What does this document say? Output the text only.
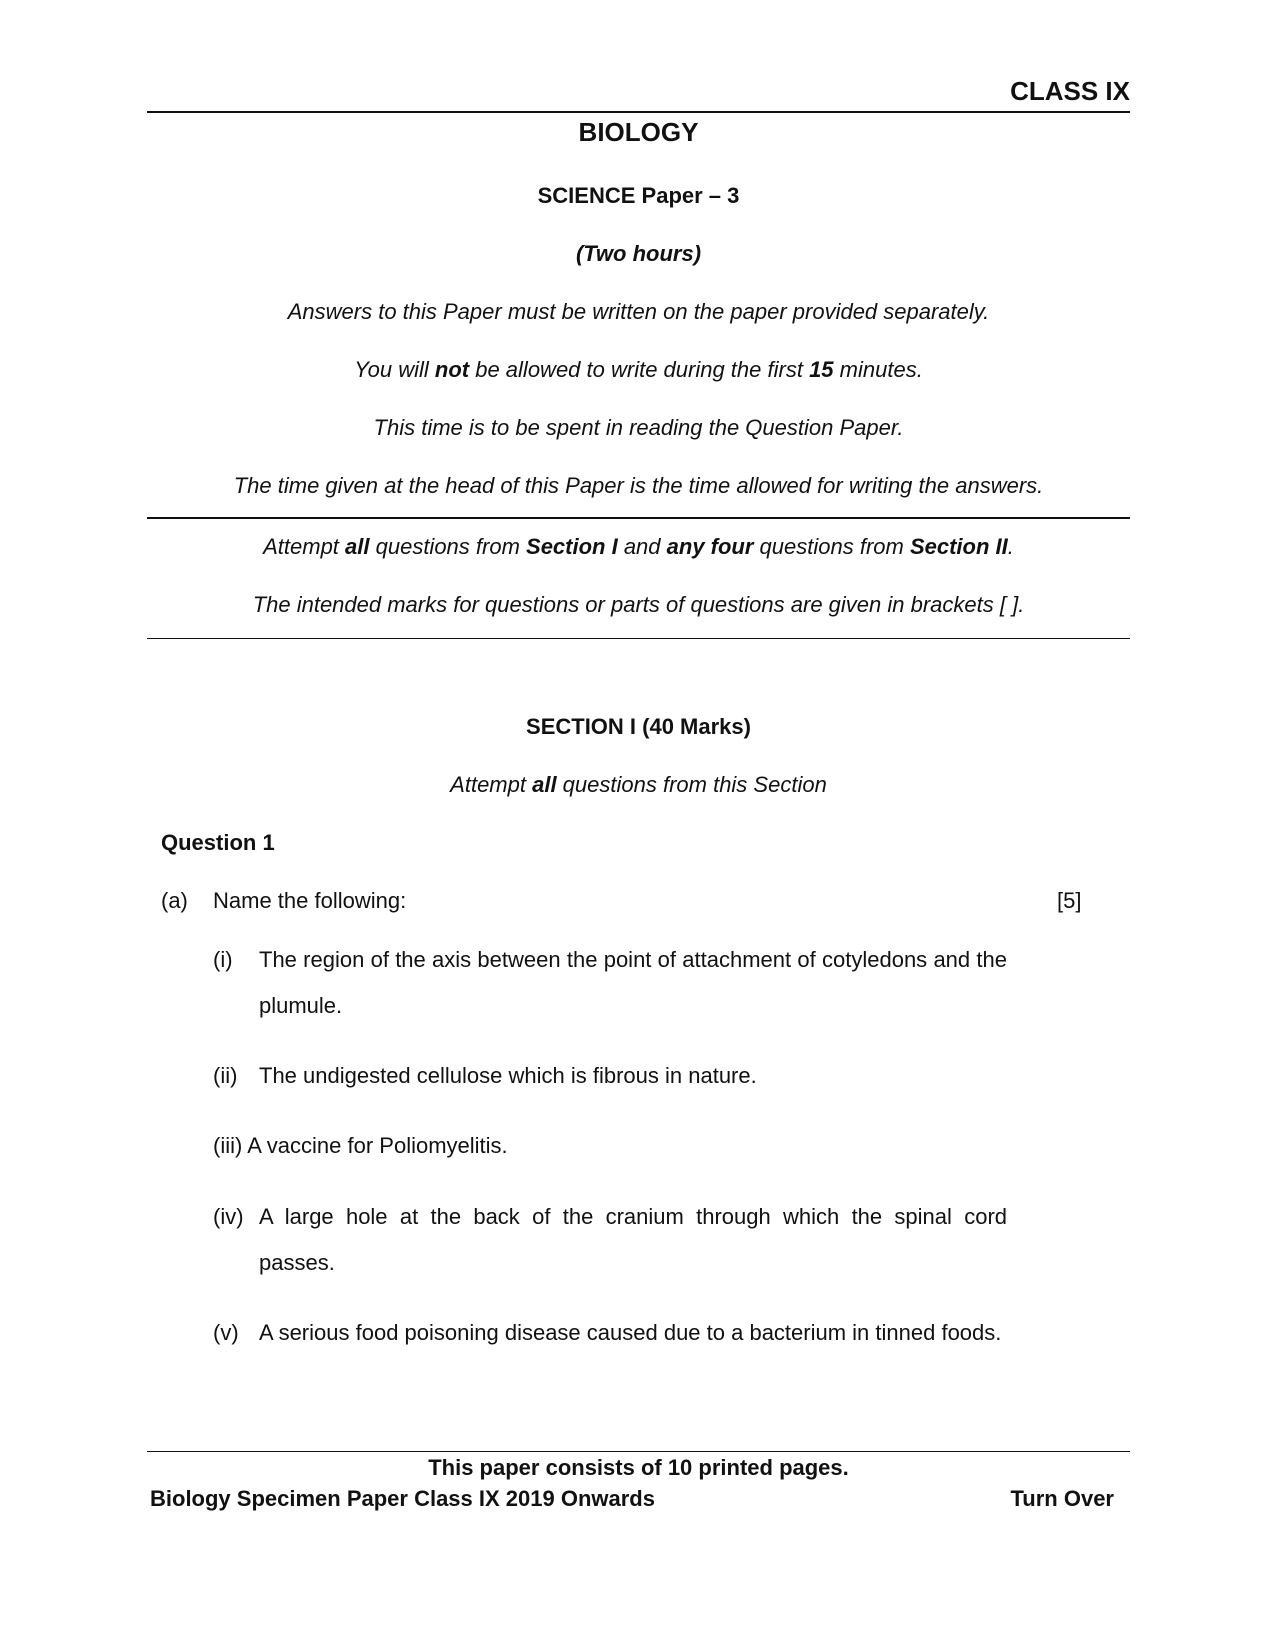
CLASS IX
BIOLOGY
SCIENCE Paper – 3
(Two hours)
Answers to this Paper must be written on the paper provided separately.
You will not be allowed to write during the first 15 minutes.
This time is to be spent in reading the Question Paper.
The time given at the head of this Paper is the time allowed for writing the answers.
Attempt all questions from Section I and any four questions from Section II.
The intended marks for questions or parts of questions are given in brackets [ ].
SECTION I (40 Marks)
Attempt all questions from this Section
Question 1
(a) Name the following:	[5]
(i) The region of the axis between the point of attachment of cotyledons and the plumule.
(ii) The undigested cellulose which is fibrous in nature.
(iii) A vaccine for Poliomyelitis.
(iv) A large hole at the back of the cranium through which the spinal cord passes.
(v) A serious food poisoning disease caused due to a bacterium in tinned foods.
This paper consists of 10 printed pages.
Biology Specimen Paper Class IX 2019 Onwards	Turn Over
